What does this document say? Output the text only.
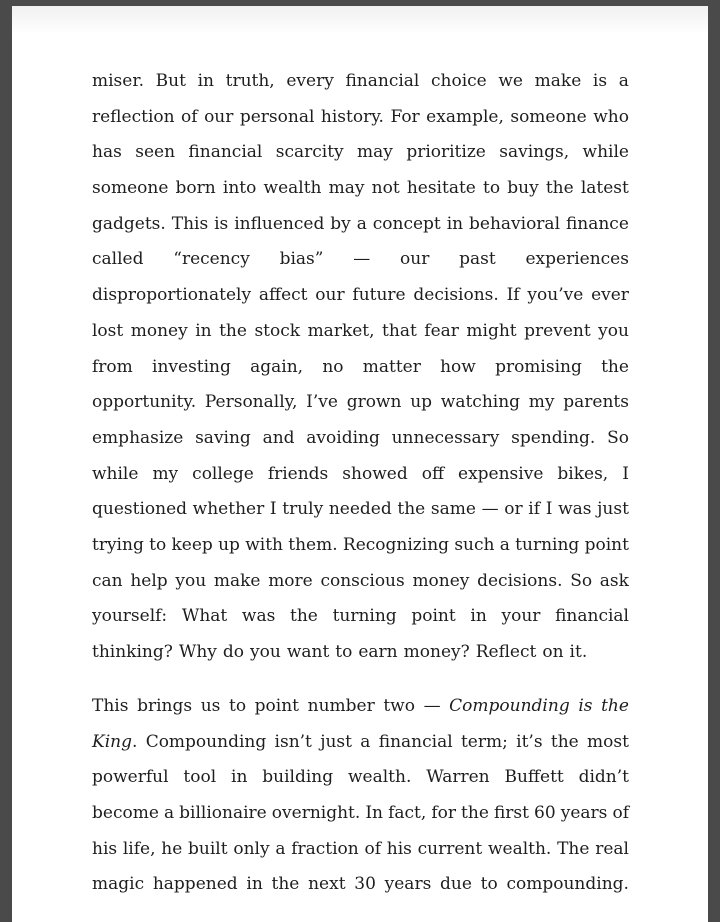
miser. But in truth, every financial choice we make is a
reflection of our personal history. For example, someone who
has seen financial scarcity may prioritize savings, while
someone born into wealth may not hesitate to buy the latest
gadgets. This is influenced by a concept in behavioral finance
called “recency bias” — our past experiences
disproportionately affect our future decisions. If you’ve ever
lost money in the stock market, that fear might prevent you
from investing again, no matter how promising the
opportunity. Personally, I’ve grown up watching my parents
emphasize saving and avoiding unnecessary spending. So
while my college friends showed off expensive bikes, I
questioned whether I truly needed the same — or if I was just
trying to keep up with them. Recognizing such a turning point
can help you make more conscious money decisions. So ask
yourself: What was the turning point in your financial
thinking? Why do you want to earn money? Reflect on it.
This brings us to point number two — Compounding is the
King. Compounding isn’t just a financial term; it’s the most
powerful tool in building wealth. Warren Buffett didn’t
become a billionaire overnight. In fact, for the first 60 years of
his life, he built only a fraction of his current wealth. The real
magic happened in the next 30 years due to compounding.
